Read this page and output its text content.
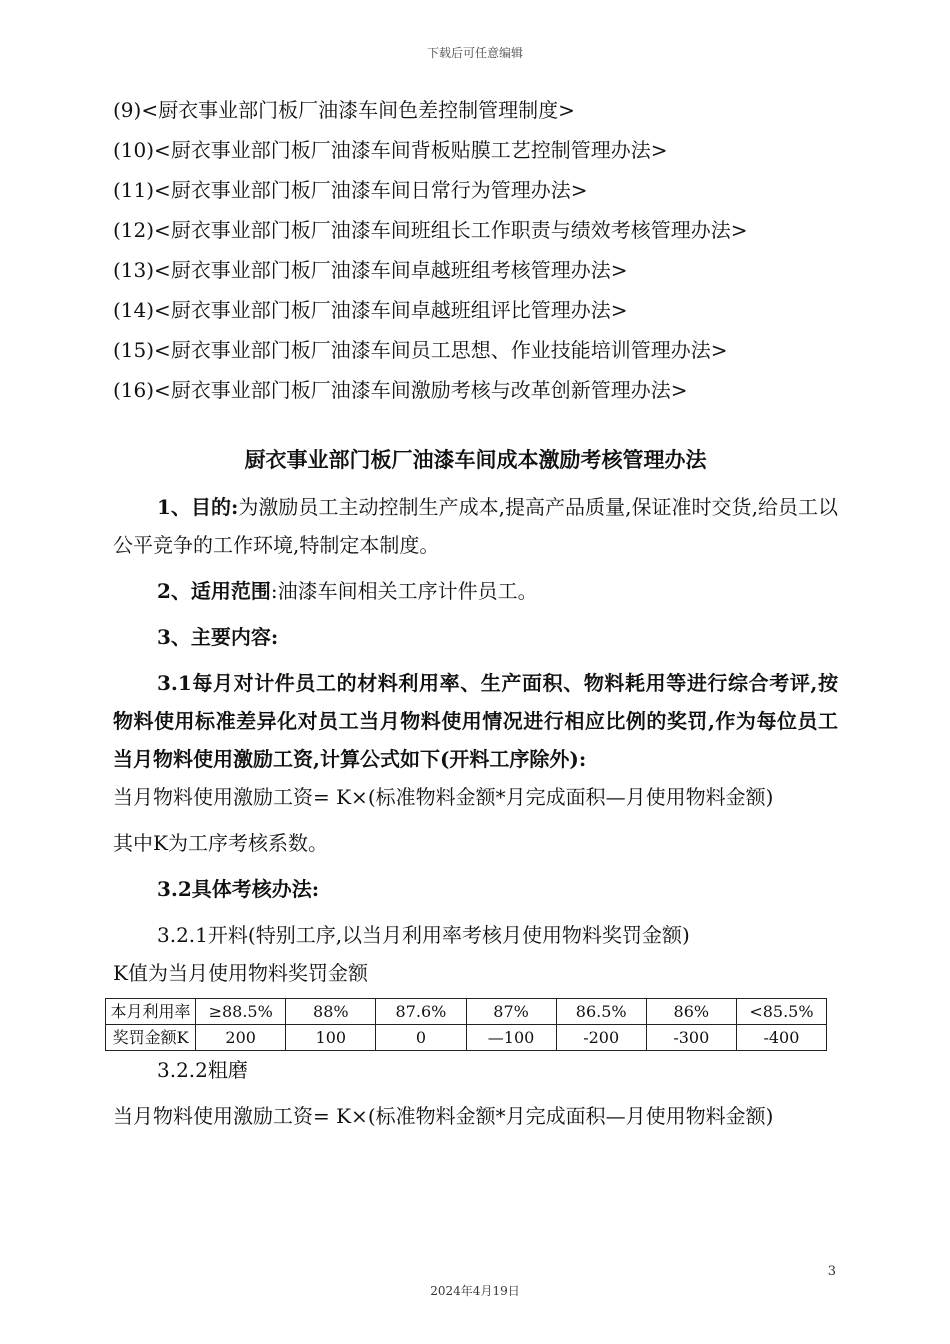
下载后可任意编辑
(9)<厨衣事业部门板厂油漆车间色差控制管理制度>
(10)<厨衣事业部门板厂油漆车间背板贴膜工艺控制管理办法>
(11)<厨衣事业部门板厂油漆车间日常行为管理办法>
(12)<厨衣事业部门板厂油漆车间班组长工作职责与绩效考核管理办法>
(13)<厨衣事业部门板厂油漆车间卓越班组考核管理办法>
(14)<厨衣事业部门板厂油漆车间卓越班组评比管理办法>
(15)<厨衣事业部门板厂油漆车间员工思想、作业技能培训管理办法>
(16)<厨衣事业部门板厂油漆车间激励考核与改革创新管理办法>
厨衣事业部门板厂油漆车间成本激励考核管理办法

1、目的:为激励员工主动控制生产成本,提高产品质量,保证准时交货,给员工以公平竞争的工作环境,特制定本制度。

2、适用范围:油漆车间相关工序计件员工。

3、主要内容:

3.1每月对计件员工的材料利用率、生产面积、物料耗用等进行综合考评,按物料使用标准差异化对员工当月物料使用情况进行相应比例的奖罚,作为每位员工当月物料使用激励工资,计算公式如下(开料工序除外):

当月物料使用激励工资= K×(标准物料金额*月完成面积—月使用物料金额)

其中K为工序考核系数。

3.2具体考核办法:

3.2.1开料(特别工序,以当月利用率考核月使用物料奖罚金额)

K值为当月使用物料奖罚金额

本月利用率	≥88.5%	88%	87.6%	87%	86.5%	86%	<85.5%
奖罚金额K	200	100	0	—100	-200	-300	-400

3.2.2粗磨

当月物料使用激励工资= K×(标准物料金额*月完成面积—月使用物料金额)

3
2024年4月19日
